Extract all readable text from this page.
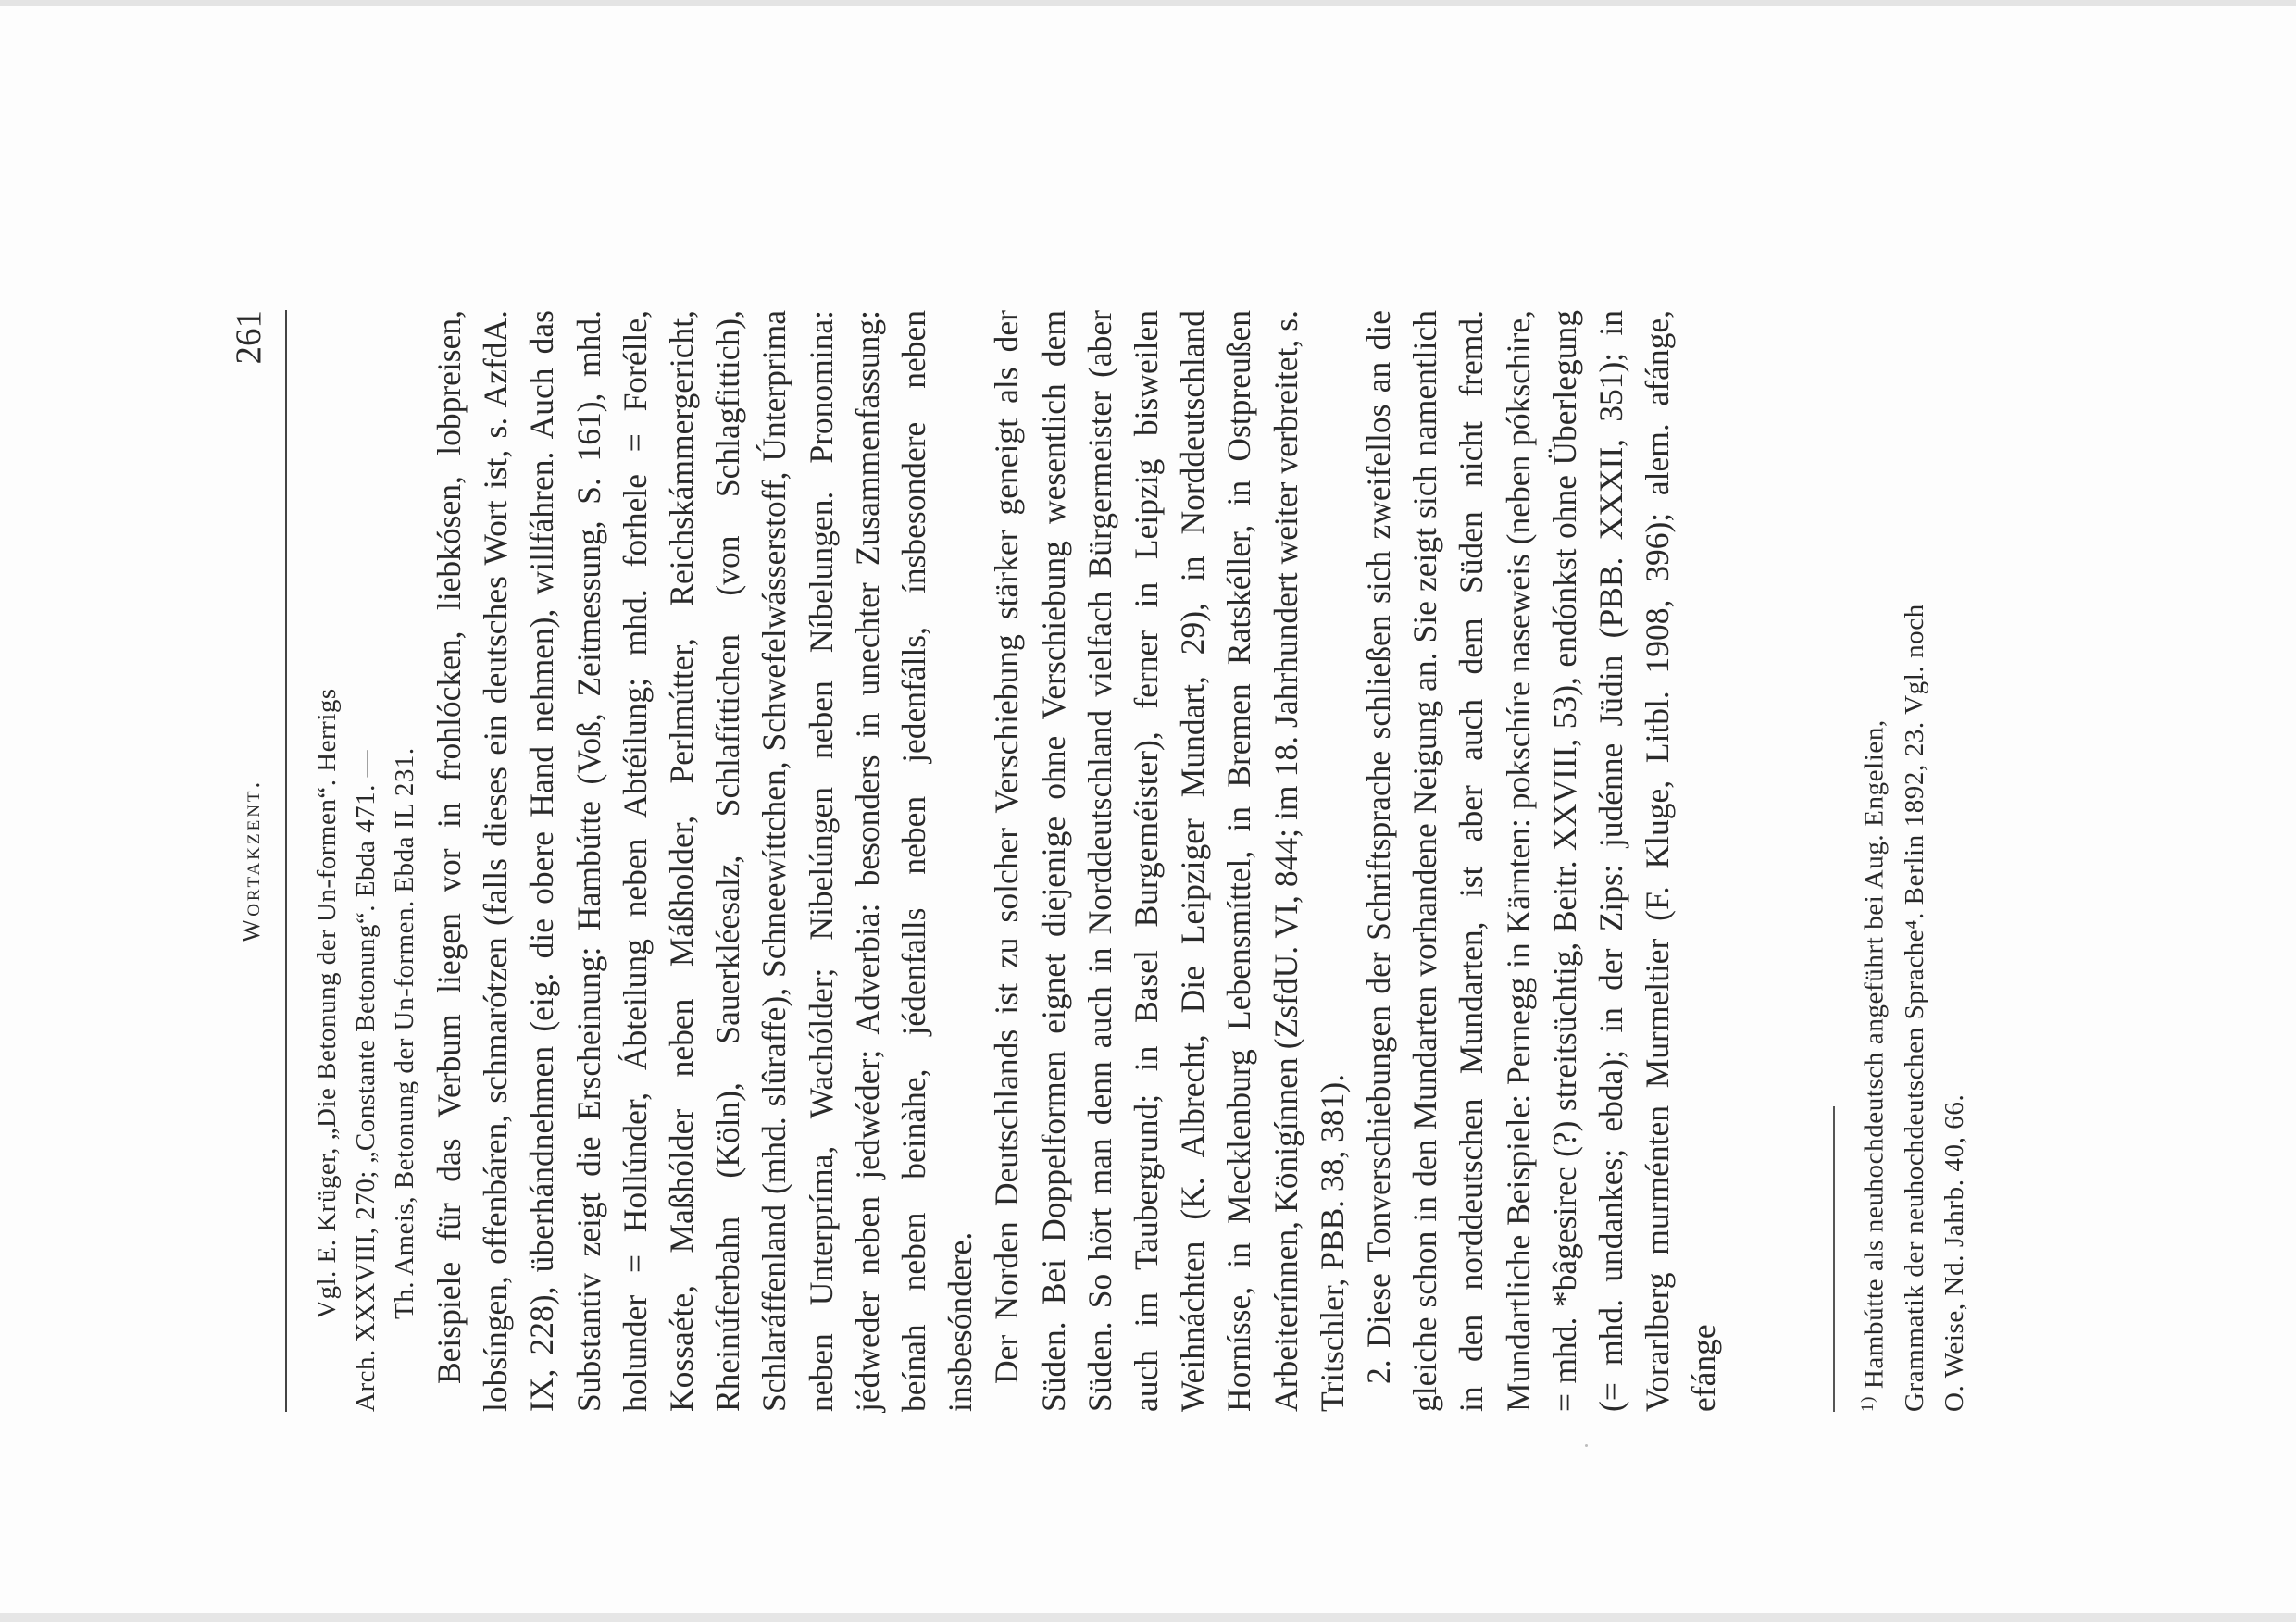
Wortakzent.
261

Vgl. E. Krüger, „Die Betonung der Un-formen“. Herrigs Arch. XXXVIII, 270; „Constante Betonung“. Ebda 471. — Th. Ameis, Betonung der Un-formen. Ebda IL 231. Beispiele für das Verbum liegen vor in frohlócken, liebkósen, lobpreisen, lobsíngen, offenbáren, schmarótzen (falls dieses ein deutsches Wort ist, s. AzfdA. IX, 228), überhándnehmen (eig. die obere Hand nehmen), willfáhren. Auch das Substantiv zeigt die Erscheinung: Hambútte (Voß, Zeitmessung, S. 161), mhd. holunder = Hollúnder, Ábteilung neben Abtéilung; mhd. forhele = Foréllе, Kossaéte, Maßhólder neben Máßholder, Perlmútter, Reichskámmergericht, Rheinúferbahn (Köln), Sauerkléesalz, Schlafíttichen (von Schlagfittich), Schlaráffenland (mhd. slûraffe), Schneewíttchen, Schwefelwásserstoff, Únterprima neben Unterpríma, Wachólder; Nibelúngen neben Níbelungen. Pronomina: jédweder neben jedwéder; Adverbia: besonders in unechter Zusammenfassung: beínah neben beinàhe, jédenfalls neben jedenfálls, ínsbesondere neben insbesóndere. Der Norden Deutschlands ist zu solcher Verschiebung stärker geneigt als der Süden. Bei Doppelformen eignet diejenige ohne Verschiebung wesentlich dem Süden. So hört man denn auch in Norddeutschland vielfach Bürgermeister (aber auch im Taubergrund; in Basel Burgeméister), ferner in Leipzig bisweilen Weihnáchten (K. Albrecht, Die Leipziger Mundart, 29), in Norddeutschland Hornísse, in Mecklenburg Lebensmíttel, in Bremen Ratskéller, in Ostpreußen Arbeiterínnen, Königínnen (ZsfdU. VI, 844; im 18. Jahrhundert weiter verbreitet, s. Tritschler, PBB. 38, 381). 2. Diese Tonverschiebungen der Schriftsprache schließen sich zweifellos an die gleiche schon in den Mundarten vorhandene Neigung an. Sie zeigt sich namentlich in den norddeutschen Mundarten, ist aber auch dem Süden nicht fremd. Mundartliche Beispiele: Pernegg in Kärnten: pokschíre naseweis (neben pókschire, = mhd. *bâgesirec (?) streitsüchtig, Beitr. XXVIII, 53), endónkst ohne Überlegung (= mhd. undankes; ebda); in der Zips: judénne Jüdin (PBB. XXXII, 351); in Vorarlberg murménten Murmeltier (F. Kluge, Litbl. 1908, 396); alem. afánge, efánge	$^{1)}$ Hambútte als neuhochdeutsch angeführt bei Aug. Engelien, Grammatik der neuhochdeutschen Sprache⁴. Berlin 1892, 23. Vgl. noch O. Weise, Nd. Jahrb. 40, 66.
